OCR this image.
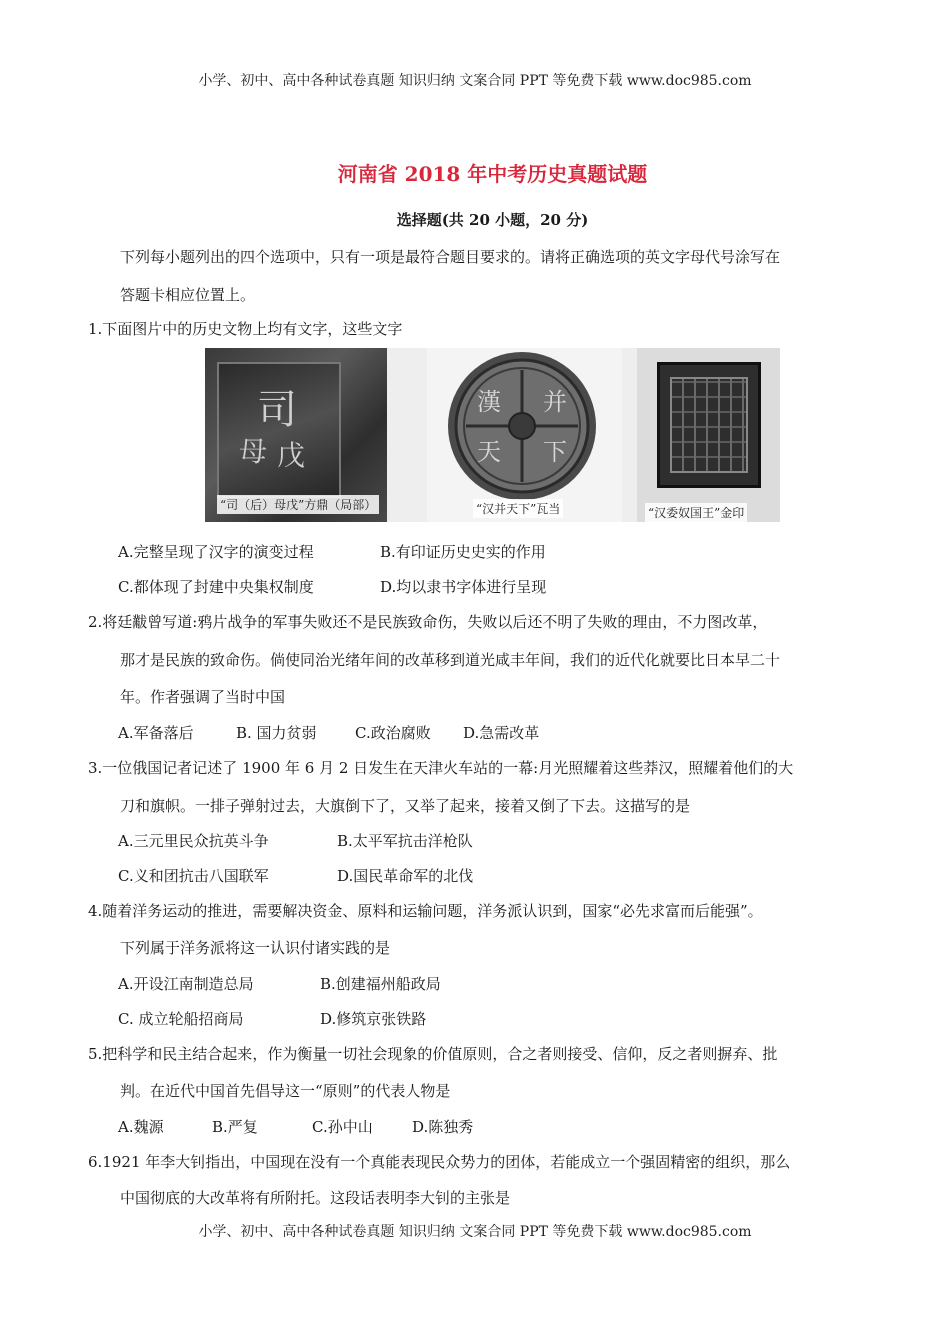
小学、初中、高中各种试卷真题 知识归纳 文案合同 PPT 等免费下载 www.doc985.com
河南省 2018 年中考历史真题试题
选择题(共 20 小题，20 分)
下列每小题列出的四个选项中，只有一项是最符合题目要求的。请将正确选项的英文字母代号涂写在
答题卡相应位置上。
1.下面图片中的历史文物上均有文字，这些文字
司
母 戊
“司（后）母戊”方鼎（局部）
漢 并
天 下
“汉并天下”瓦当	“汉委奴国王”金印
A.完整呈现了汉字的演变过程	B.有印证历史史实的作用
C.都体现了封建中央集权制度	D.均以隶书字体进行呈现
2.将廷黻曾写道:鸦片战争的军事失败还不是民族致命伤，失败以后还不明了失败的理由，不力图改革，
那才是民族的致命伤。倘使同治光绪年间的改革移到道光咸丰年间，我们的近代化就要比日本早二十
年。作者强调了当时中国
A.军备落后	B. 国力贫弱	C.政治腐败 D.急需改革
3.一位俄国记者记述了 1900 年 6 月 2 日发生在天津火车站的一幕:月光照耀着这些莽汉，照耀着他们的大
刀和旗帜。一排子弹射过去，大旗倒下了，又举了起来，接着又倒了下去。这描写的是
A.三元里民众抗英斗争	B.太平军抗击洋枪队
C.义和团抗击八国联军	D.国民革命军的北伐
4.随着洋务运动的推进，需要解决资金、原料和运输问题，洋务派认识到，国家“必先求富而后能强”。
下列属于洋务派将这一认识付诸实践的是
A.开设江南制造总局	B.创建福州船政局
C. 成立轮船招商局	D.修筑京张铁路
5.把科学和民主结合起来，作为衡量一切社会现象的价值原则，合之者则接受、信仰，反之者则摒弃、批
判。在近代中国首先倡导这一“原则”的代表人物是
A.魏源	B.严复	C.孙中山	D.陈独秀
6.1921 年李大钊指出，中国现在没有一个真能表现民众势力的团体，若能成立一个强固精密的组织，那么
中国彻底的大改革将有所附托。这段话表明李大钊的主张是
小学、初中、高中各种试卷真题 知识归纳 文案合同 PPT 等免费下载 www.doc985.com
